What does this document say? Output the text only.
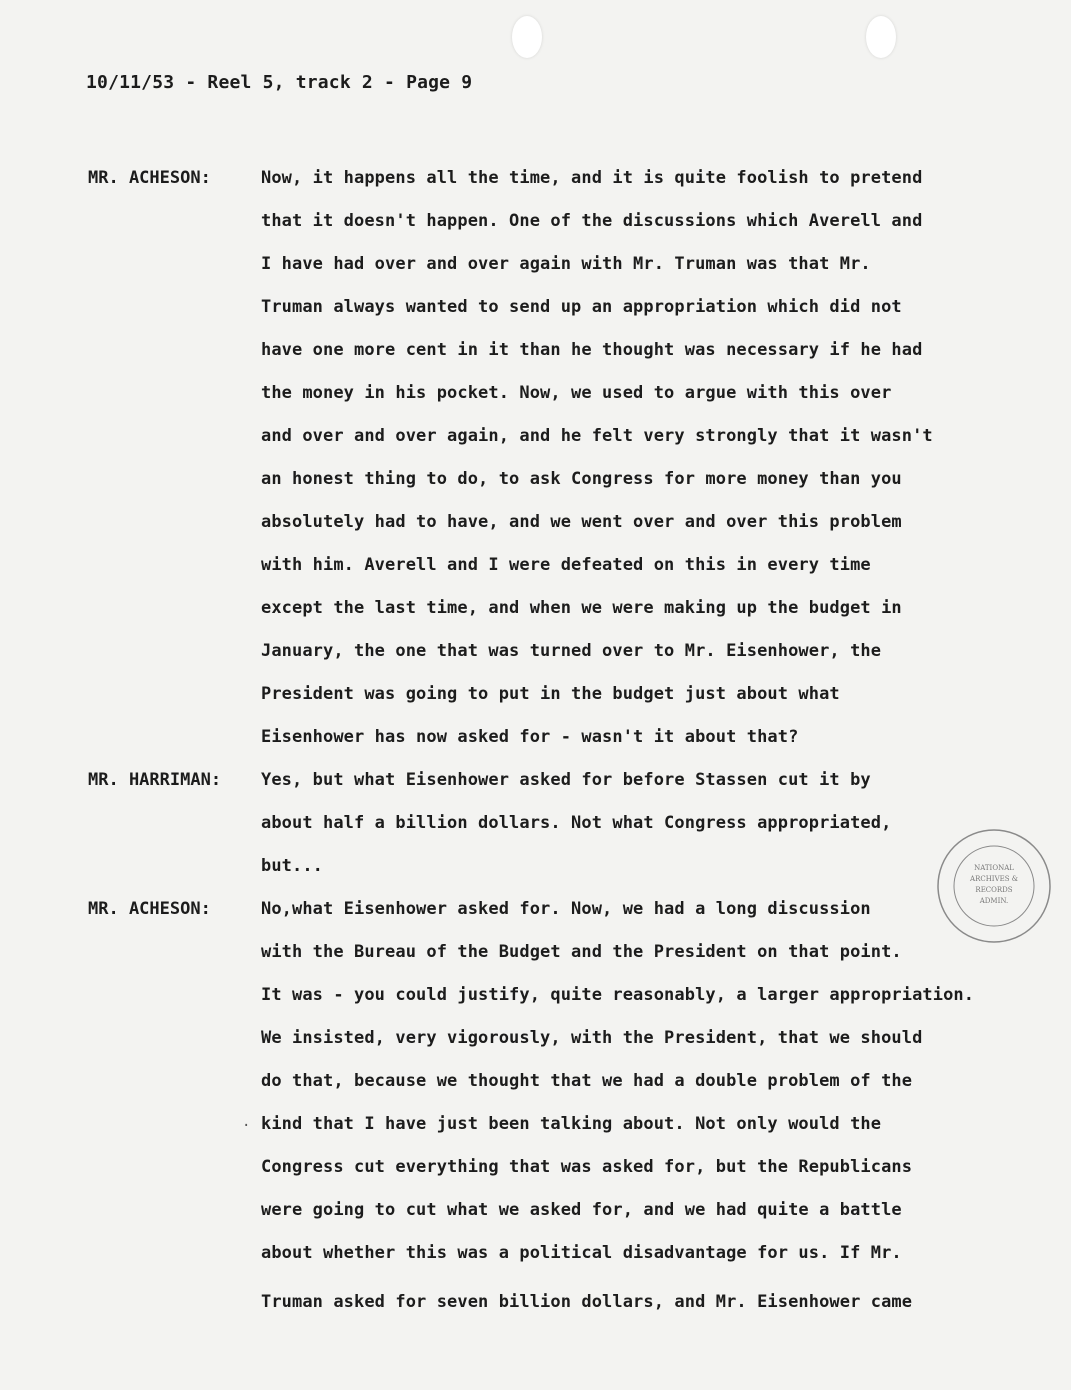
10/11/53 - Reel 5, track 2 - Page 9
MR. ACHESON:
MR. HARRIMAN:
MR. ACHESON:
Now, it happens all the time, and it is quite foolish to pretend
that it doesn't happen. One of the discussions which Averell and
I have had over and over again with Mr. Truman was that Mr.
Truman always wanted to send up an appropriation which did not
have one more cent in it than he thought was necessary if he had
the money in his pocket. Now, we used to argue with this over
and over and over again, and he felt very strongly that it wasn't
an honest thing to do, to ask Congress for more money than you
absolutely had to have, and we went over and over this problem
with him. Averell and I were defeated on this in every time
except the last time, and when we were making up the budget in
January, the one that was turned over to Mr. Eisenhower, the
President was going to put in the budget just about what
Eisenhower has now asked for - wasn't it about that?
Yes, but what Eisenhower asked for before Stassen cut it by
about half a billion dollars. Not what Congress appropriated,
but...
No,what Eisenhower asked for. Now, we had a long discussion
with the Bureau of the Budget and the President on that point.
It was - you could justify, quite reasonably, a larger appropriation.
We insisted, very vigorously, with the President, that we should
do that, because we thought that we had a double problem of the
kind that I have just been talking about. Not only would the
Congress cut everything that was asked for, but the Republicans
were going to cut what we asked for, and we had quite a battle
about whether this was a political disadvantage for us. If Mr.
Truman asked for seven billion dollars, and Mr. Eisenhower came
·
NATIONAL
ARCHIVES &
RECORDS
ADMIN.
